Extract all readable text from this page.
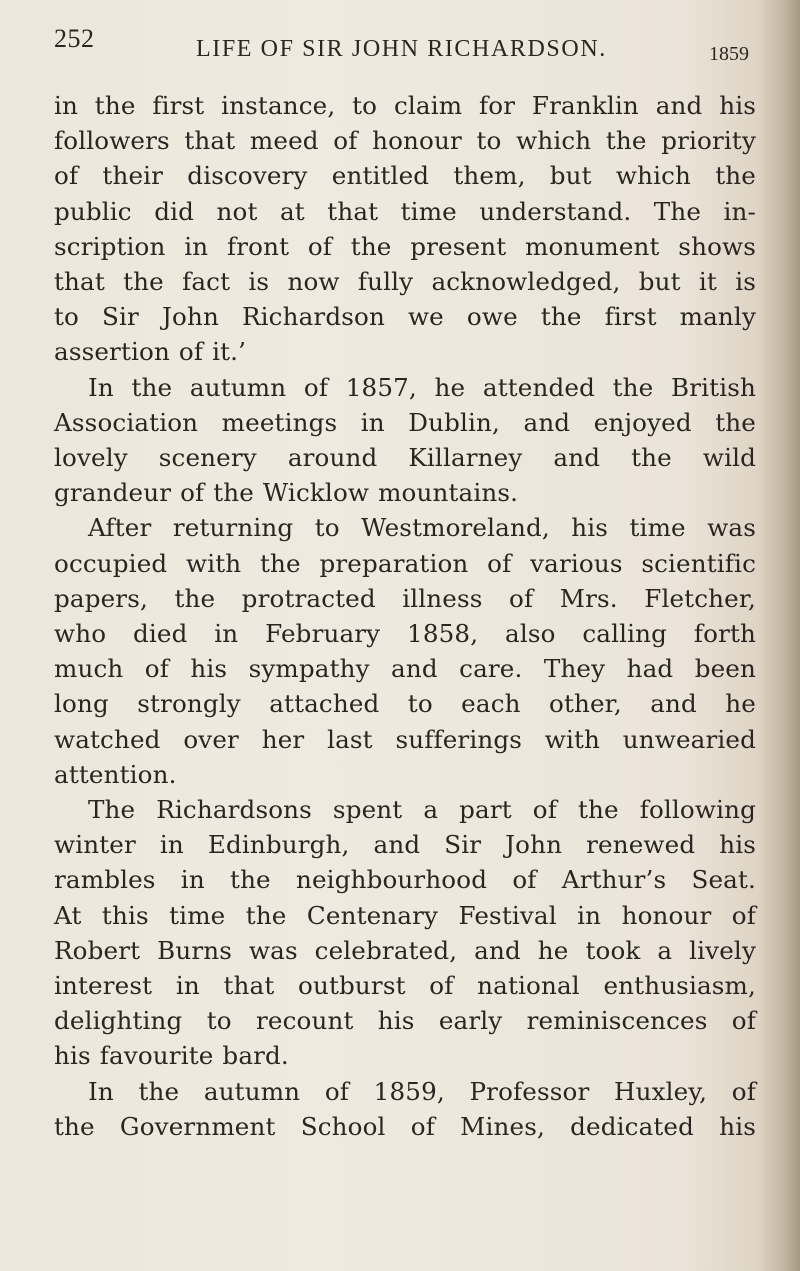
252	LIFE OF SIR JOHN RICHARDSON.	1859
in the first instance, to claim for Franklin and his
followers that meed of honour to which the priority
of their discovery entitled them, but which the
public did not at that time understand. The in-
scription in front of the present monument shows
that the fact is now fully acknowledged, but it is
to Sir John Richardson we owe the first manly
assertion of it.’
In the autumn of 1857, he attended the British
Association meetings in Dublin, and enjoyed the
lovely scenery around Killarney and the wild
grandeur of the Wicklow mountains.
After returning to Westmoreland, his time was
occupied with the preparation of various scientific
papers, the protracted illness of Mrs. Fletcher,
who died in February 1858, also calling forth
much of his sympathy and care. They had been
long strongly attached to each other, and he
watched over her last sufferings with unwearied
attention.
The Richardsons spent a part of the following
winter in Edinburgh, and Sir John renewed his
rambles in the neighbourhood of Arthur’s Seat.
At this time the Centenary Festival in honour of
Robert Burns was celebrated, and he took a lively
interest in that outburst of national enthusiasm,
delighting to recount his early reminiscences of
his favourite bard.
In the autumn of 1859, Professor Huxley, of
the Government School of Mines, dedicated his
